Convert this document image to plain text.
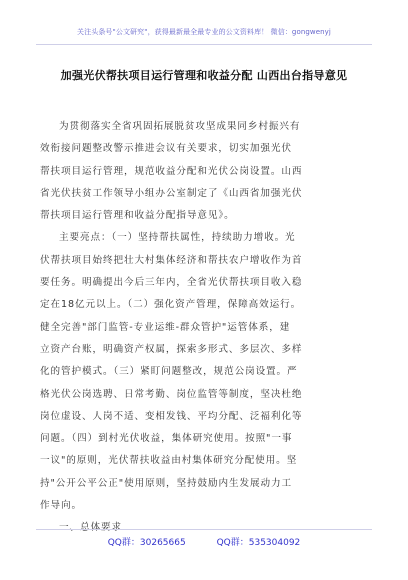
关注头条号"公文研究"，获得最新最全最专业的公文资料库！ 微信：gongwenyj
加强光伏帮扶项目运行管理和收益分配 山西出台指导意见
为贯彻落实全省巩固拓展脱贫攻坚成果同乡村振兴有
效衔接问题整改警示推进会议有关要求，切实加强光伏
帮扶项目运行管理，规范收益分配和光伏公岗设置。山西
省光伏扶贫工作领导小组办公室制定了《山西省加强光伏
帮扶项目运行管理和收益分配指导意见》。
主要亮点：（一）坚持帮扶属性，持续助力增收。光
伏帮扶项目始终把壮大村集体经济和帮扶农户增收作为首
要任务。明确提出今后三年内，全省光伏帮扶项目收入稳
定在18亿元以上。（二）强化资产管理，保障高效运行。
健全完善"部门监管-专业运维-群众管护"运管体系，建
立资产台账，明确资产权属，探索多形式、多层次、多样
化的管护模式。（三）紧盯问题整改，规范公岗设置。严
格光伏公岗选聘、日常考勤、岗位监管等制度，坚决杜绝
岗位虚设、人岗不适、变相发钱、平均分配、泛福利化等
问题。（四）到村光伏收益，集体研究使用。按照"一事
一议"的原则，光伏帮扶收益由村集体研究分配使用。坚
持"公开公平公正"使用原则，坚持鼓励内生发展动力工
作导向。
一、总体要求
QQ群：30265665	QQ群：535304092
